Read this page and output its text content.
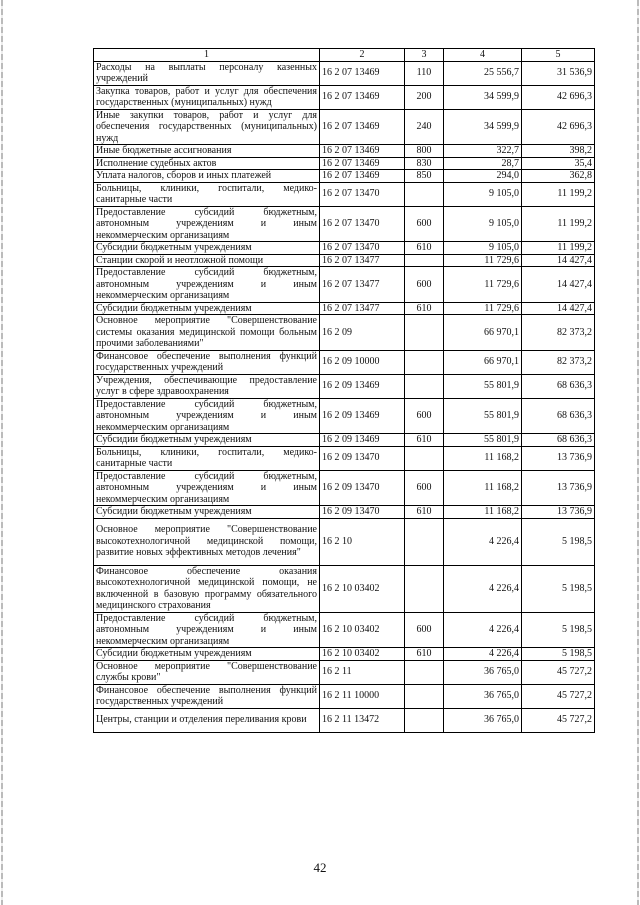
1	2	3	4	5
Расходы на выплаты персоналу казенных учреждений	16 2 07 13469	110	25 556,7	31 536,9
Закупка товаров, работ и услуг для обеспечения государственных (муниципальных) нужд	16 2 07 13469	200	34 599,9	42 696,3
Иные закупки товаров, работ и услуг для обеспечения государственных (муниципальных) нужд	16 2 07 13469	240	34 599,9	42 696,3
Иные бюджетные ассигнования	16 2 07 13469	800	322,7	398,2
Исполнение судебных актов	16 2 07 13469	830	28,7	35,4
Уплата налогов, сборов и иных платежей	16 2 07 13469	850	294,0	362,8
Больницы, клиники, госпитали, медико-санитарные части	16 2 07 13470		9 105,0	11 199,2
Предоставление субсидий бюджетным, автономным учреждениям и иным некоммерческим организациям	16 2 07 13470	600	9 105,0	11 199,2
Субсидии бюджетным учреждениям	16 2 07 13470	610	9 105,0	11 199,2
Станции скорой и неотложной помощи	16 2 07 13477		11 729,6	14 427,4
Предоставление субсидий бюджетным, автономным учреждениям и иным некоммерческим организациям	16 2 07 13477	600	11 729,6	14 427,4
Субсидии бюджетным учреждениям	16 2 07 13477	610	11 729,6	14 427,4
Основное мероприятие "Совершенствование системы оказания медицинской помощи больным прочими заболеваниями"	16 2 09		66 970,1	82 373,2
Финансовое обеспечение выполнения функций государственных учреждений	16 2 09 10000		66 970,1	82 373,2
Учреждения, обеспечивающие предоставление услуг в сфере здравоохранения	16 2 09 13469		55 801,9	68 636,3
Предоставление субсидий бюджетным, автономным учреждениям и иным некоммерческим организациям	16 2 09 13469	600	55 801,9	68 636,3
Субсидии бюджетным учреждениям	16 2 09 13469	610	55 801,9	68 636,3
Больницы, клиники, госпитали, медико-санитарные части	16 2 09 13470		11 168,2	13 736,9
Предоставление субсидий бюджетным, автономным учреждениям и иным некоммерческим организациям	16 2 09 13470	600	11 168,2	13 736,9
Субсидии бюджетным учреждениям	16 2 09 13470	610	11 168,2	13 736,9
Основное мероприятие "Совершенствование высокотехнологичной медицинской помощи, развитие новых эффективных методов лечения"	16 2 10		4 226,4	5 198,5
Финансовое обеспечение оказания высокотехнологичной медицинской помощи, не включенной в базовую программу обязательного медицинского страхования	16 2 10 03402		4 226,4	5 198,5
Предоставление субсидий бюджетным, автономным учреждениям и иным некоммерческим организациям	16 2 10 03402	600	4 226,4	5 198,5
Субсидии бюджетным учреждениям	16 2 10 03402	610	4 226,4	5 198,5
Основное мероприятие "Совершенствование службы крови"	16 2 11		36 765,0	45 727,2
Финансовое обеспечение выполнения функций государственных учреждений	16 2 11 10000		36 765,0	45 727,2
Центры, станции и отделения переливания крови	16 2 11 13472		36 765,0	45 727,2
42
